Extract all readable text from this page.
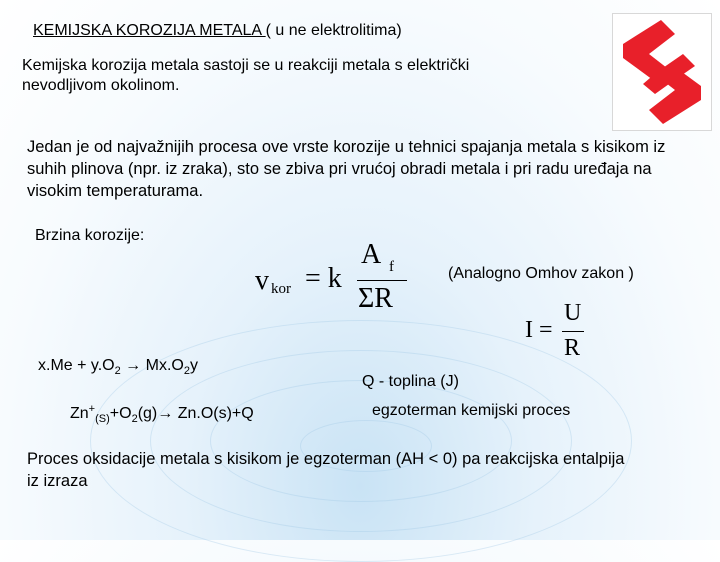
KEMIJSKA KOROZIJA METALA ( u ne elektrolitima)
Kemijska korozija metala sastoji se u reakciji metala s električki nevodljivom okolinom.
Jedan je od najvažnijih procesa ove vrste korozije u tehnici spajanja metala s kisikom iz suhih plinova (npr. iz zraka), sto se zbiva pri vrućoj obradi metala i pri radu uređaja na visokim temperaturama.
Brzina korozije:
v kor = k
A f
ΣR
(Analogno Omhov zakon )
I =
U
R
$x.Me + y.O_2 \to Mx.O_2y$
$Zn^+_{(S)}+O_2(g)\to Zn.O(s)+Q$
Q - toplina (J)
egzoterman kemijski proces
Proces oksidacije metala s kisikom je egzoterman (AH < 0) pa reakcijska entalpija iz izraza
